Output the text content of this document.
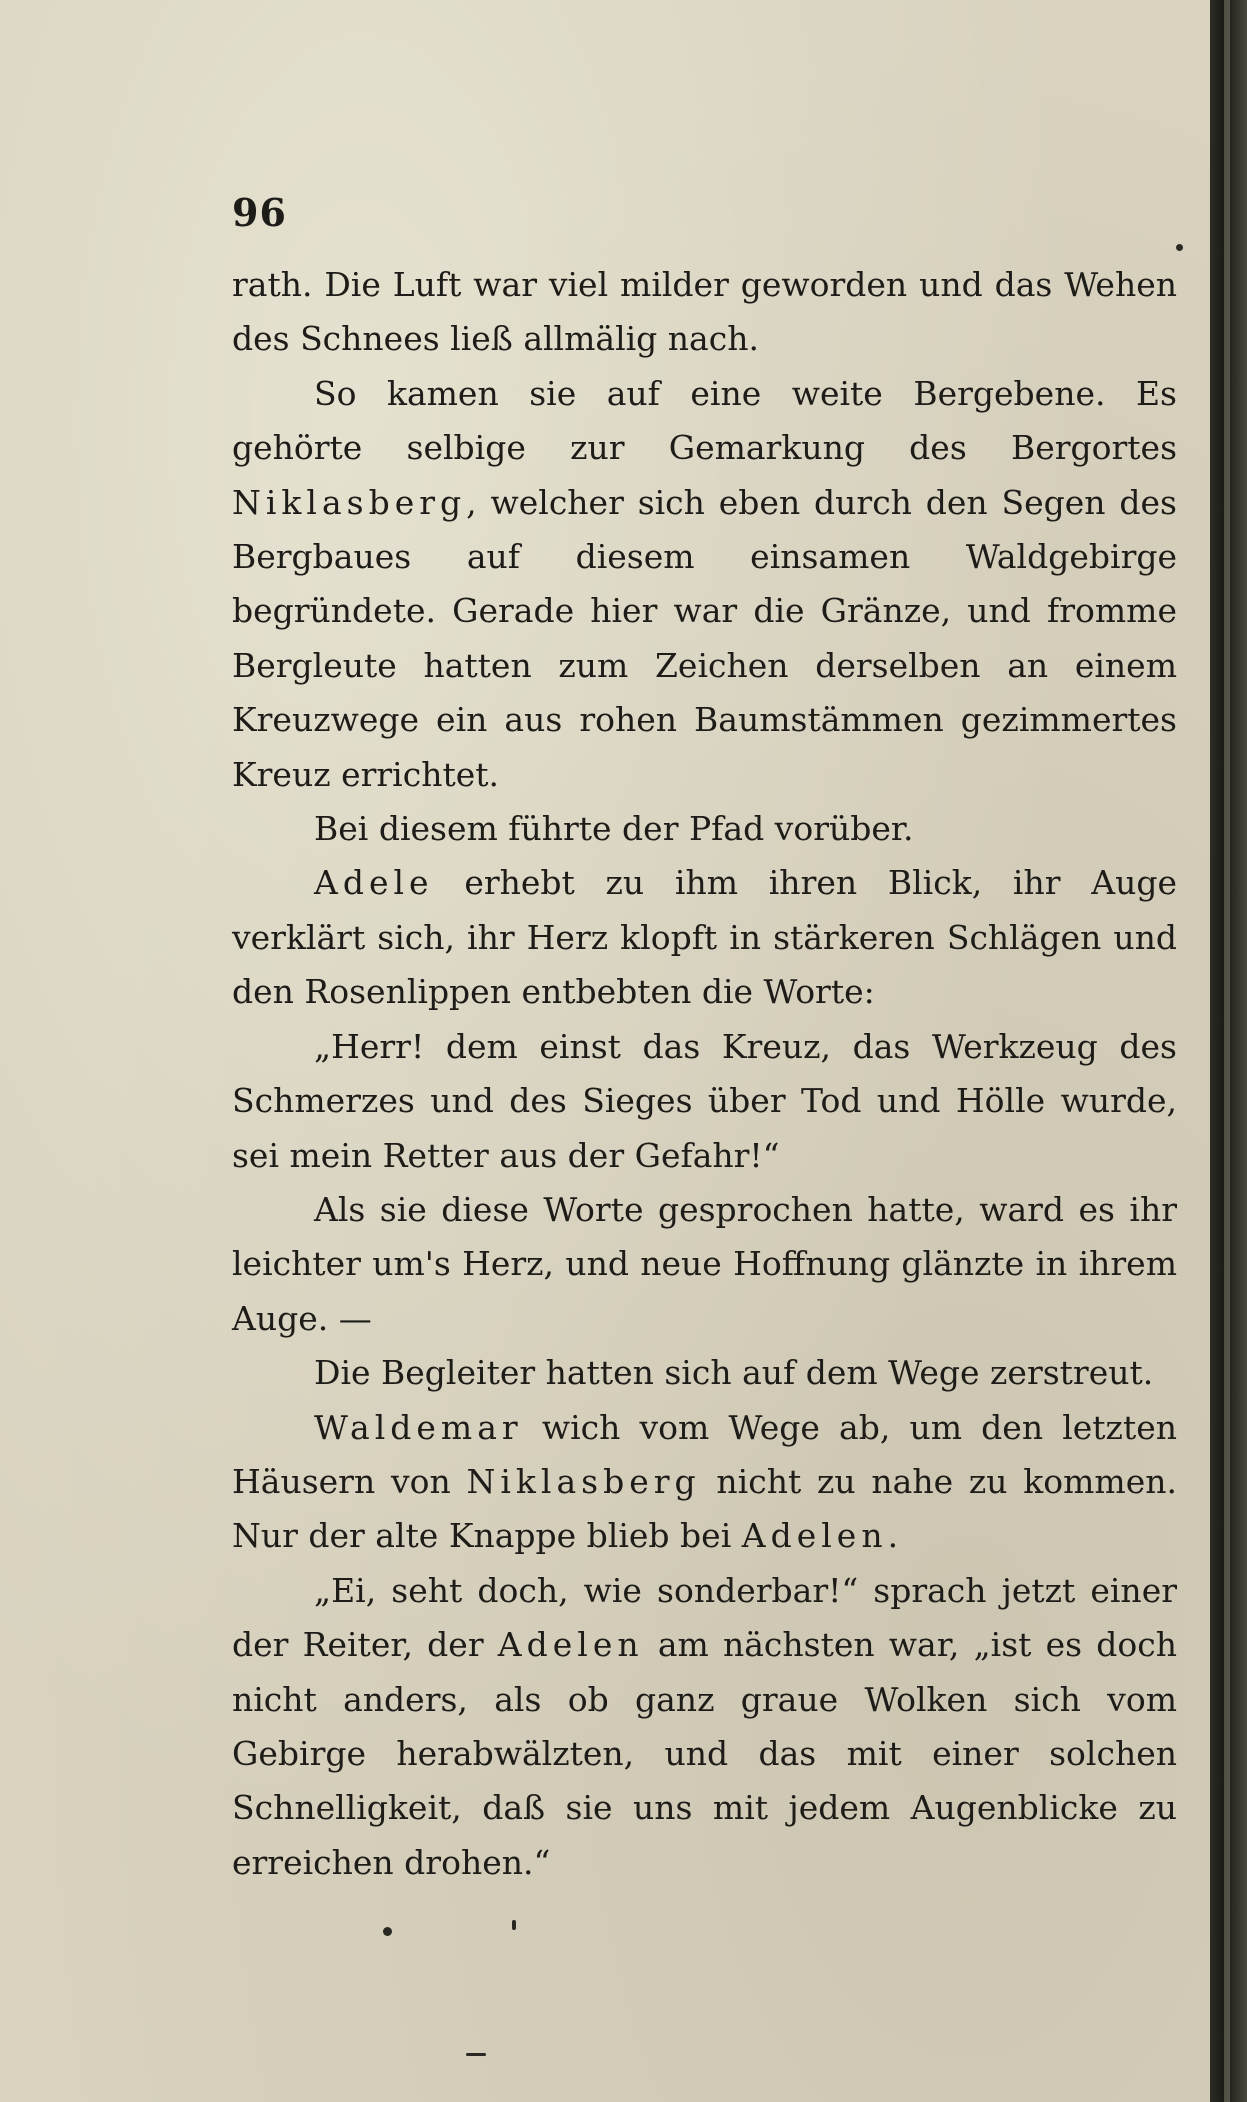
96

rath. Die Luft war viel milder geworden und das Wehen des Schnees ließ allmälig nach.

So kamen sie auf eine weite Bergebene. Es gehörte selbige zur Gemarkung des Bergortes Niklasberg, welcher sich eben durch den Segen des Bergbaues auf diesem einsamen Waldgebirge begründete. Gerade hier war die Gränze, und fromme Bergleute hatten zum Zeichen derselben an einem Kreuzwege ein aus rohen Baumstämmen gezimmertes Kreuz errichtet.

Bei diesem führte der Pfad vorüber.

Adele erhebt zu ihm ihren Blick, ihr Auge verklärt sich, ihr Herz klopft in stärkeren Schlägen und den Rosenlippen entbebten die Worte:

„Herr! dem einst das Kreuz, das Werkzeug des Schmerzes und des Sieges über Tod und Hölle wurde, sei mein Retter aus der Gefahr!“

Als sie diese Worte gesprochen hatte, ward es ihr leichter um's Herz, und neue Hoffnung glänzte in ihrem Auge. —

Die Begleiter hatten sich auf dem Wege zerstreut.

Waldemar wich vom Wege ab, um den letzten Häusern von Niklasberg nicht zu nahe zu kommen. Nur der alte Knappe blieb bei Adelen.

„Ei, seht doch, wie sonderbar!“ sprach jetzt einer der Reiter, der Adelen am nächsten war, „ist es doch nicht anders, als ob ganz graue Wolken sich vom Gebirge herabwälzten, und das mit einer solchen Schnelligkeit, daß sie uns mit jedem Augenblicke zu erreichen drohen.“
